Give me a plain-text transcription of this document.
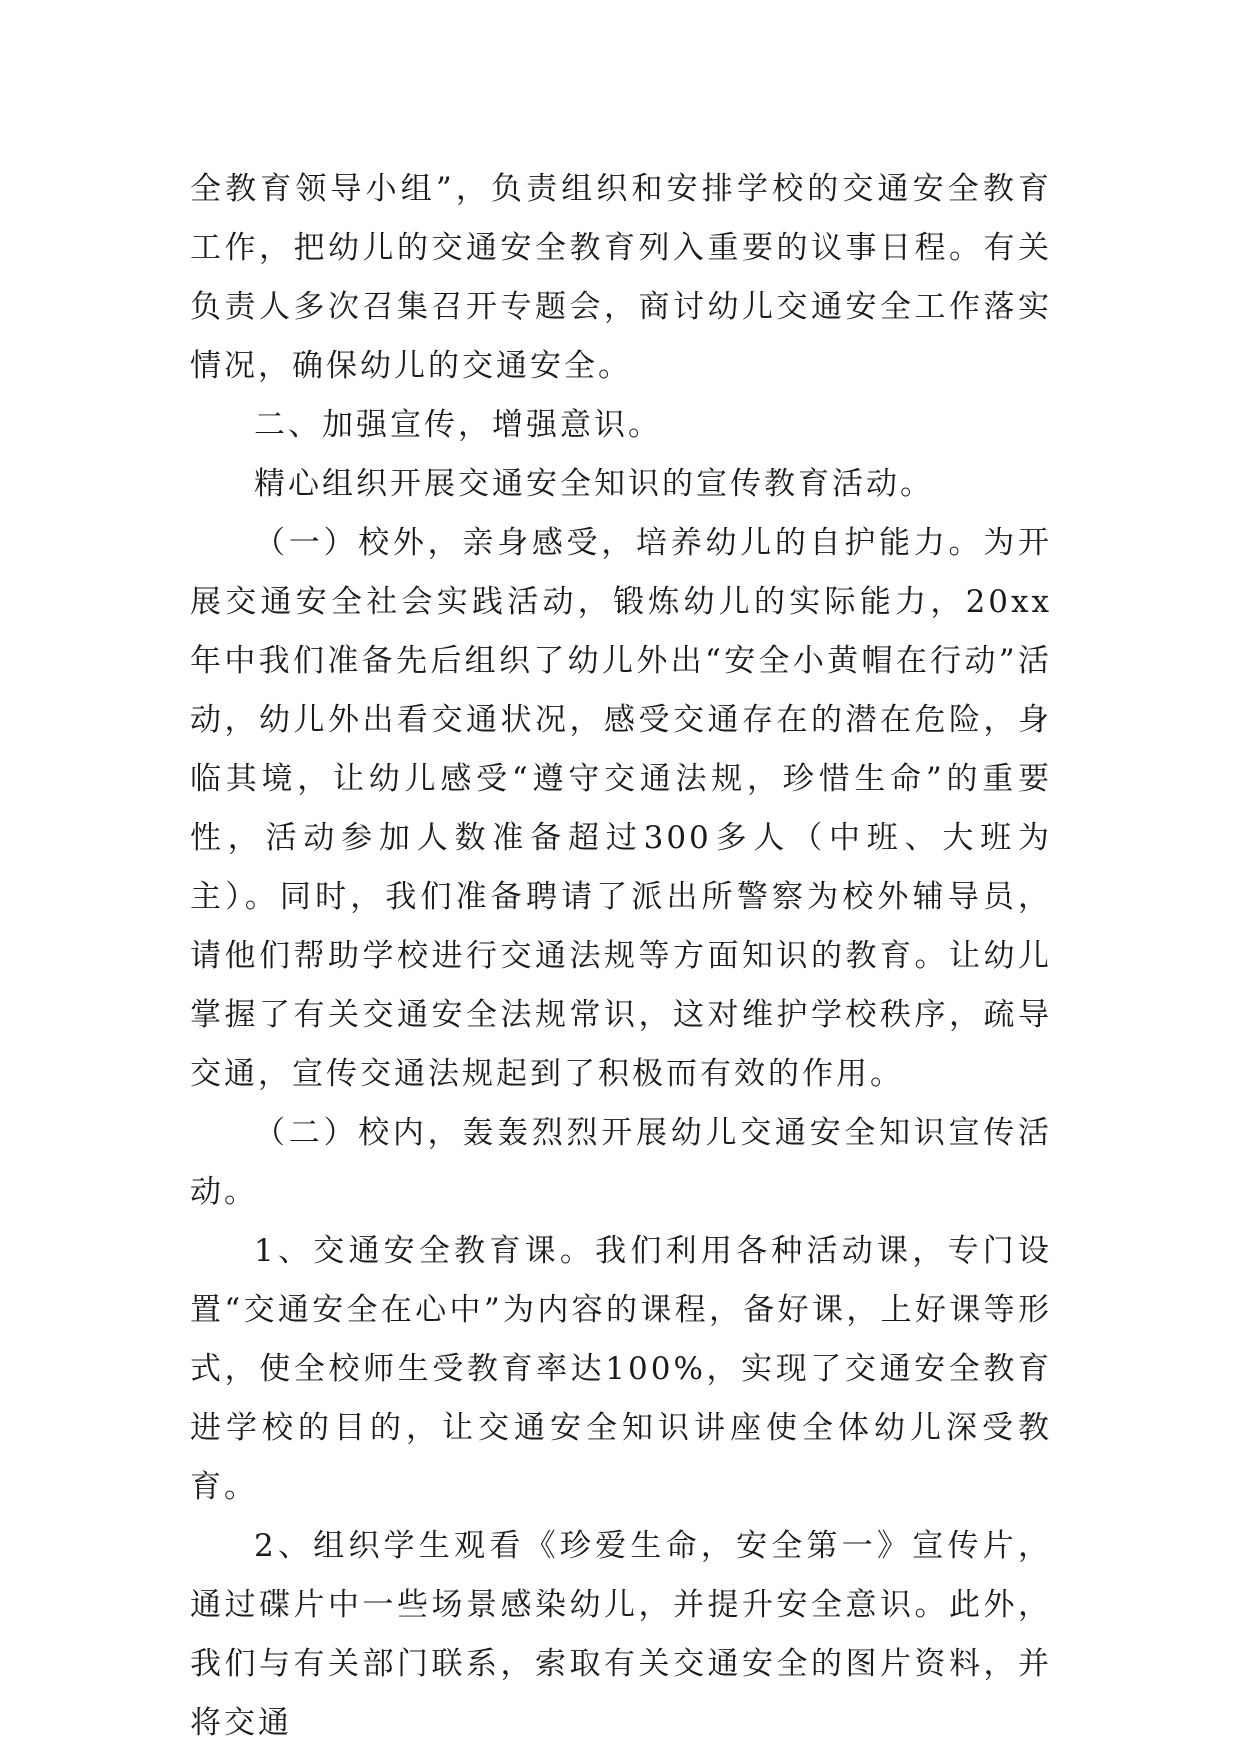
全教育领导小组”，负责组织和安排学校的交通安全教育工作，把幼儿的交通安全教育列入重要的议事日程。有关负责人多次召集召开专题会，商讨幼儿交通安全工作落实情况，确保幼儿的交通安全。

二、加强宣传，增强意识。

精心组织开展交通安全知识的宣传教育活动。

（一）校外，亲身感受，培养幼儿的自护能力。为开展交通安全社会实践活动，锻炼幼儿的实际能力，20xx年中我们准备先后组织了幼儿外出“安全小黄帽在行动”活动，幼儿外出看交通状况，感受交通存在的潜在危险，身临其境，让幼儿感受“遵守交通法规，珍惜生命”的重要性，活动参加人数准备超过300多人（中班、大班为主）。同时，我们准备聘请了派出所警察为校外辅导员，请他们帮助学校进行交通法规等方面知识的教育。让幼儿掌握了有关交通安全法规常识，这对维护学校秩序，疏导交通，宣传交通法规起到了积极而有效的作用。

（二）校内，轰轰烈烈开展幼儿交通安全知识宣传活动。

1、交通安全教育课。我们利用各种活动课，专门设置“交通安全在心中”为内容的课程，备好课，上好课等形式，使全校师生受教育率达100%，实现了交通安全教育进学校的目的，让交通安全知识讲座使全体幼儿深受教育。

2、组织学生观看《珍爱生命，安全第一》宣传片，通过碟片中一些场景感染幼儿，并提升安全意识。此外，我们与有关部门联系，索取有关交通安全的图片资料，并将交通
